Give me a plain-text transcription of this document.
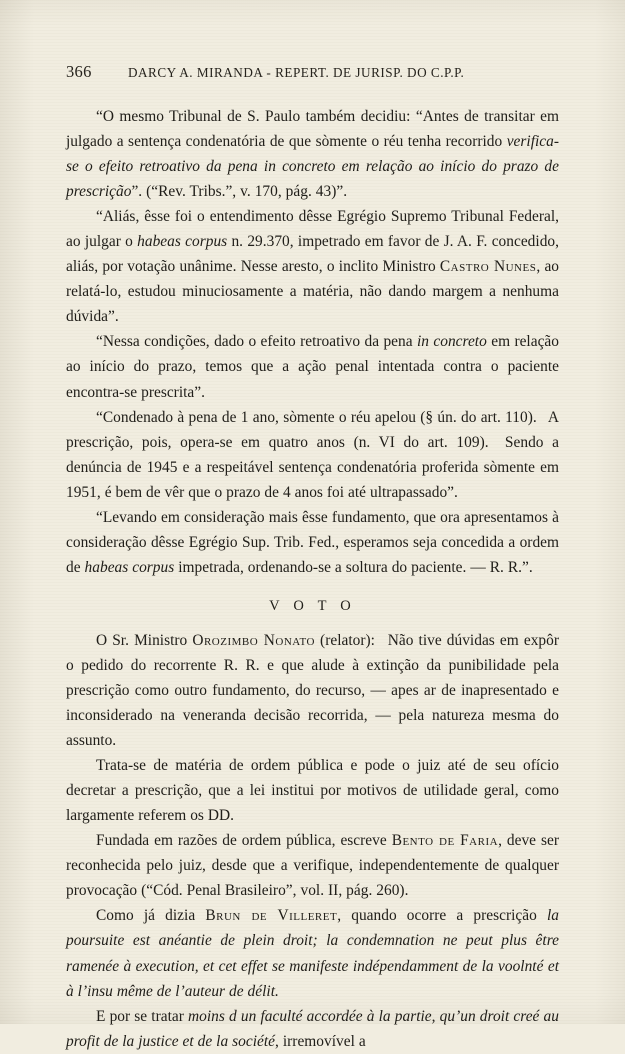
366	DARCY A. MIRANDA - REPERT. DE JURISP. DO C.P.P.

“O mesmo Tribunal de S. Paulo também decidiu: “Antes de transitar em julgado a sentença condenatória de que sòmente o réu tenha recorrido verifica-se o efeito retroativo da pena in concreto em relação ao início do prazo de prescrição”. (“Rev. Tribs.”, v. 170, pág. 43)”.

“Aliás, êsse foi o entendimento dêsse Egrégio Supremo Tribunal Federal, ao julgar o habeas corpus n. 29.370, impetrado em favor de J. A. F. concedido, aliás, por votação unânime. Nesse aresto, o inclito Ministro Castro Nunes, ao relatá-lo, estudou minuciosamente a matéria, não dando margem a nenhuma dúvida”.

“Nessa condições, dado o efeito retroativo da pena in concreto em relação ao início do prazo, temos que a ação penal intentada contra o paciente encontra-se prescrita”.

“Condenado à pena de 1 ano, sòmente o réu apelou (§ ún. do art. 110).  A prescrição, pois, opera-se em quatro anos (n. VI do art. 109).  Sendo a denúncia de 1945 e a respeitável sentença condenatória proferida sòmente em 1951, é bem de vêr que o prazo de 4 anos foi até ultrapassado”.

“Levando em consideração mais êsse fundamento, que ora apresentamos à consideração dêsse Egrégio Sup. Trib. Fed., esperamos seja concedida a ordem de habeas corpus impetrada, ordenando-se a soltura do paciente. — R. R.”.

V O T O

O Sr. Ministro Orozimbo Nonato (relator):  Não tive dúvidas em expôr o pedido do recorrente R. R. e que alude à extinção da punibilidade pela prescrição como outro fundamento, do recurso, — apes ar de inapresentado e inconsiderado na veneranda decisão recorrida, — pela natureza mesma do assunto.

Trata-se de matéria de ordem pública e pode o juiz até de seu ofício decretar a prescrição, que a lei institui por motivos de utilidade geral, como largamente referem os DD.

Fundada em razões de ordem pública, escreve Bento de Faria, deve ser reconhecida pelo juiz, desde que a verifique, independentemente de qualquer provocação (“Cód. Penal Brasileiro”, vol. II, pág. 260).

Como já dizia Brun de Villeret, quando ocorre a prescrição la poursuite est anéantie de plein droit; la condemnation ne peut plus être ramenée à execution, et cet effet se manifeste indépendamment de la voolnté et à l’insu même de l’auteur de délit.

E por se tratar moins d un faculté accordée à la partie, qu’un droit creé au profit de la justice et de la société, irremovível a
